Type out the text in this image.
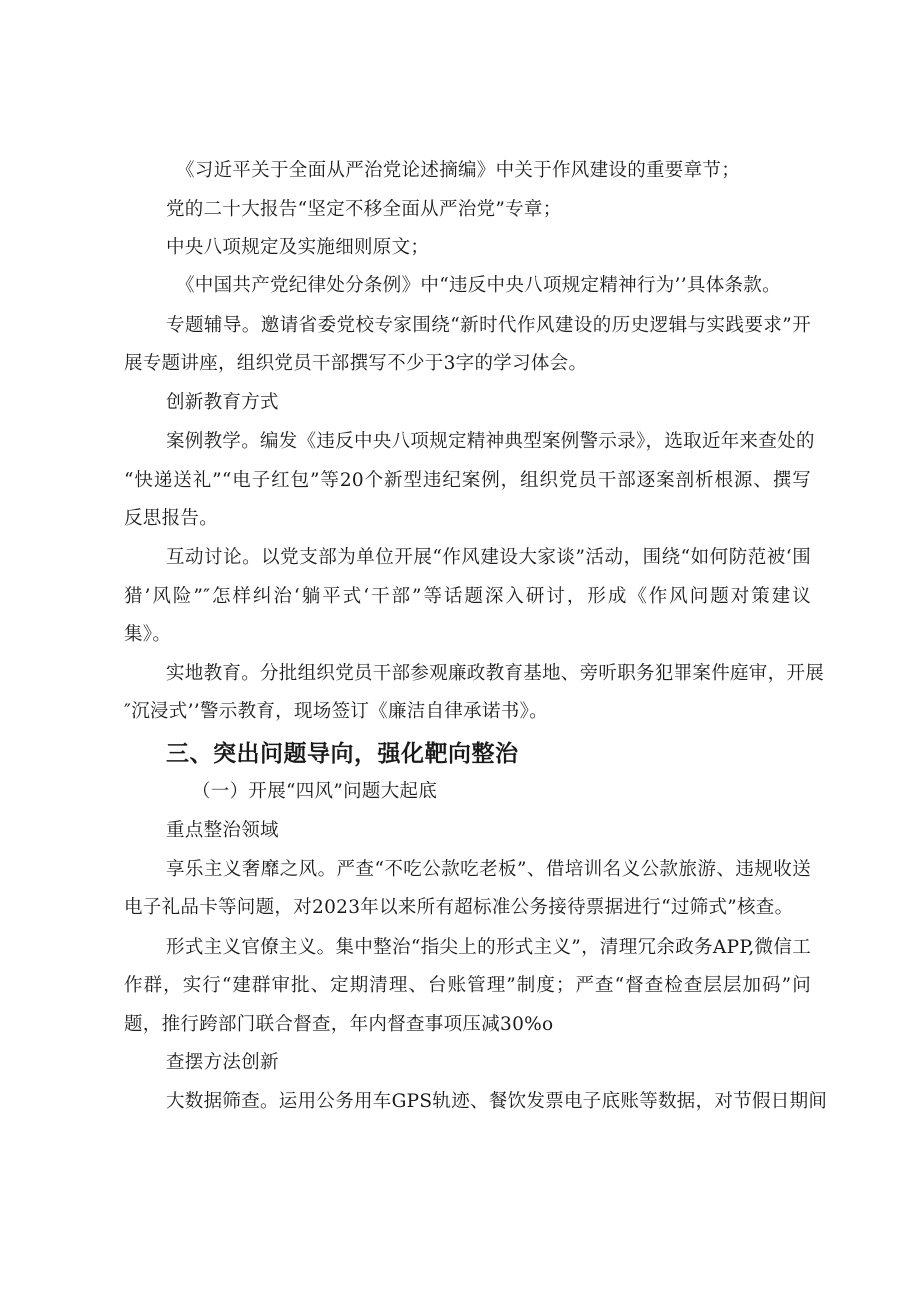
《习近平关于全面从严治党论述摘编》中关于作风建设的重要章节；
党的二十大报告“坚定不移全面从严治党”专章；
中央八项规定及实施细则原文；
《中国共产党纪律处分条例》中“违反中央八项规定精神行为’’具体条款。
专题辅导。邀请省委党校专家围绕“新时代作风建设的历史逻辑与实践要求”开
展专题讲座，组织党员干部撰写不少于3字的学习体会。
创新教育方式
案例教学。编发《违反中央八项规定精神典型案例警示录》，选取近年来查处的
“快递送礼”“电子红包”等20个新型违纪案例，组织党员干部逐案剖析根源、撰写
反思报告。
互动讨论。以党支部为单位开展“作风建设大家谈”活动，围绕“如何防范被‘围
猎’风险”″怎样纠治‘躺平式‘干部”等话题深入研讨，形成《作风问题对策建议
集》。
实地教育。分批组织党员干部参观廉政教育基地、旁听职务犯罪案件庭审，开展
″沉浸式’’警示教育，现场签订《廉洁自律承诺书》。
三、突出问题导向，强化靶向整治
（一）开展“四风”问题大起底
重点整治领域
享乐主义奢靡之风。严查“不吃公款吃老板”、借培训名义公款旅游、违规收送
电子礼品卡等问题，对2023年以来所有超标准公务接待票据进行“过筛式”核查。
形式主义官僚主义。集中整治“指尖上的形式主义”，清理冗余政务APP,微信工
作群，实行“建群审批、定期清理、台账管理”制度；严查“督查检查层层加码”问
题，推行跨部门联合督查，年内督查事项压减30%o
查摆方法创新
大数据筛查。运用公务用车GPS轨迹、餐饮发票电子底账等数据，对节假日期间
